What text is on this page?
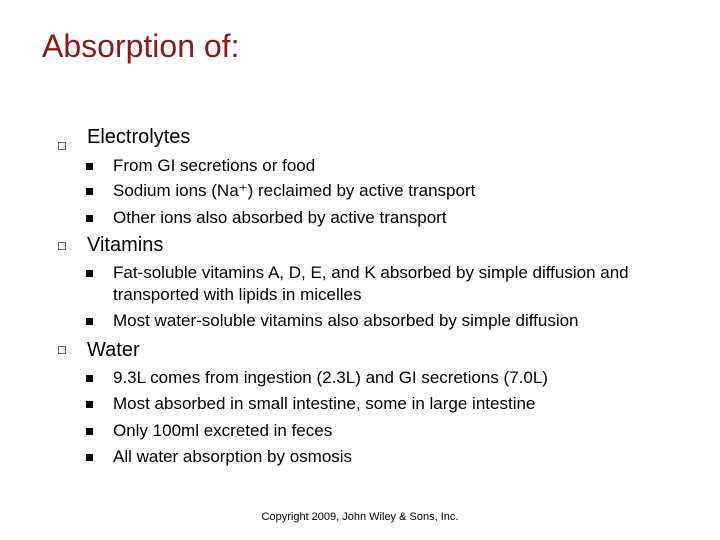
Absorption of:
Electrolytes
From GI secretions or food
Sodium ions (Na⁺) reclaimed by active transport
Other ions also absorbed by active transport
Vitamins
Fat-soluble vitamins A, D, E, and K absorbed by simple diffusion and transported with lipids in micelles
Most water-soluble vitamins also absorbed by simple diffusion
Water
9.3L comes from ingestion (2.3L) and GI secretions (7.0L)
Most absorbed in small intestine, some in large intestine
Only 100ml excreted in feces
All water absorption by osmosis
Copyright 2009, John Wiley & Sons, Inc.
